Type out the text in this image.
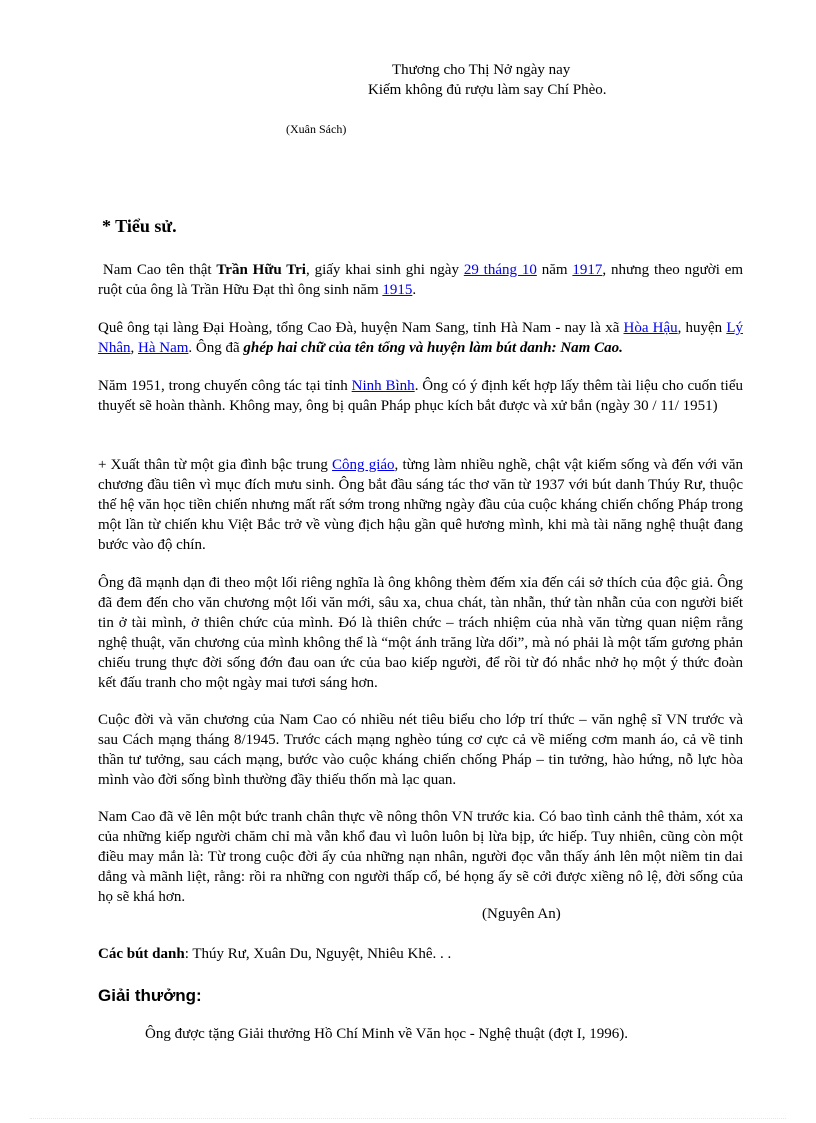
Thương cho Thị Nở ngày nay
Kiếm không đủ rượu làm say Chí Phèo.
(Xuân Sách)
* Tiểu sử.

Nam Cao tên thật Trần Hữu Tri, giấy khai sinh ghi ngày 29 tháng 10 năm 1917, nhưng theo người em ruột của ông là Trần Hữu Đạt thì ông sinh năm 1915.

Quê ông tại làng Đại Hoàng, tổng Cao Đà, huyện Nam Sang, tỉnh Hà Nam - nay là xã Hòa Hậu, huyện Lý Nhân, Hà Nam. Ông đã ghép hai chữ của tên tổng và huyện làm bút danh: Nam Cao.

Năm 1951, trong chuyến công tác tại tỉnh Ninh Bình. Ông có ý định kết hợp lấy thêm tài liệu cho cuốn tiểu thuyết sẽ hoàn thành. Không may, ông bị quân Pháp phục kích bắt được và xử bắn (ngày 30 / 11/ 1951)

+ Xuất thân từ một gia đình bậc trung Công giáo, từng làm nhiều nghề, chật vật kiếm sống và đến với văn chương đầu tiên vì mục đích mưu sinh. Ông bắt đầu sáng tác thơ văn từ 1937 với bút danh Thúy Rư, thuộc thế hệ văn học tiền chiến nhưng mất rất sớm trong những ngày đầu của cuộc kháng chiến chống Pháp trong một lần từ chiến khu Việt Bắc trở về vùng địch hậu gần quê hương mình, khi mà tài năng nghệ thuật đang bước vào độ chín.

Ông đã mạnh dạn đi theo một lối riêng nghĩa là ông không thèm đếm xỉa đến cái sở thích của độc giả. Ông đã đem đến cho văn chương một lối văn mới, sâu xa, chua chát, tàn nhẫn, thứ tàn nhẫn của con người biết tin ở tài mình, ở thiên chức của mình. Đó là thiên chức – trách nhiệm của nhà văn từng quan niệm rằng nghệ thuật, văn chương của mình không thể là “một ánh trăng lừa dối”, mà nó phải là một tấm gương phản chiếu trung thực đời sống đớn đau oan ức của bao kiếp người, để rồi từ đó nhắc nhở họ một ý thức đoàn kết đấu tranh cho một ngày mai tươi sáng hơn.

Cuộc đời và văn chương của Nam Cao có nhiều nét tiêu biểu cho lớp trí thức – văn nghệ sĩ VN trước và sau Cách mạng tháng 8/1945. Trước cách mạng nghèo túng cơ cực cả về miếng cơm manh áo, cả về tinh thần tư tưởng, sau cách mạng, bước vào cuộc kháng chiến chống Pháp – tin tưởng, hào hứng, nỗ lực hòa mình vào đời sống bình thường đầy thiếu thốn mà lạc quan.

Nam Cao đã vẽ lên một bức tranh chân thực về nông thôn VN trước kia. Có bao tình cảnh thê thảm, xót xa của những kiếp người chăm chỉ mà vẫn khổ đau vì luôn luôn bị lừa bịp, ức hiếp. Tuy nhiên, cũng còn một điều may mắn là: Từ trong cuộc đời ấy của những nạn nhân, người đọc vẫn thấy ánh lên một niềm tin dai dẳng và mãnh liệt, rằng: rồi ra những con người thấp cổ, bé họng ấy sẽ cởi được xiềng nô lệ, đời sống của họ sẽ khá hơn.

(Nguyên An)
Các bút danh: Thúy Rư, Xuân Du, Nguyệt, Nhiêu Khê. . .
Giải thưởng:
Ông được tặng Giải thưởng Hồ Chí Minh về Văn học - Nghệ thuật (đợt I, 1996).
